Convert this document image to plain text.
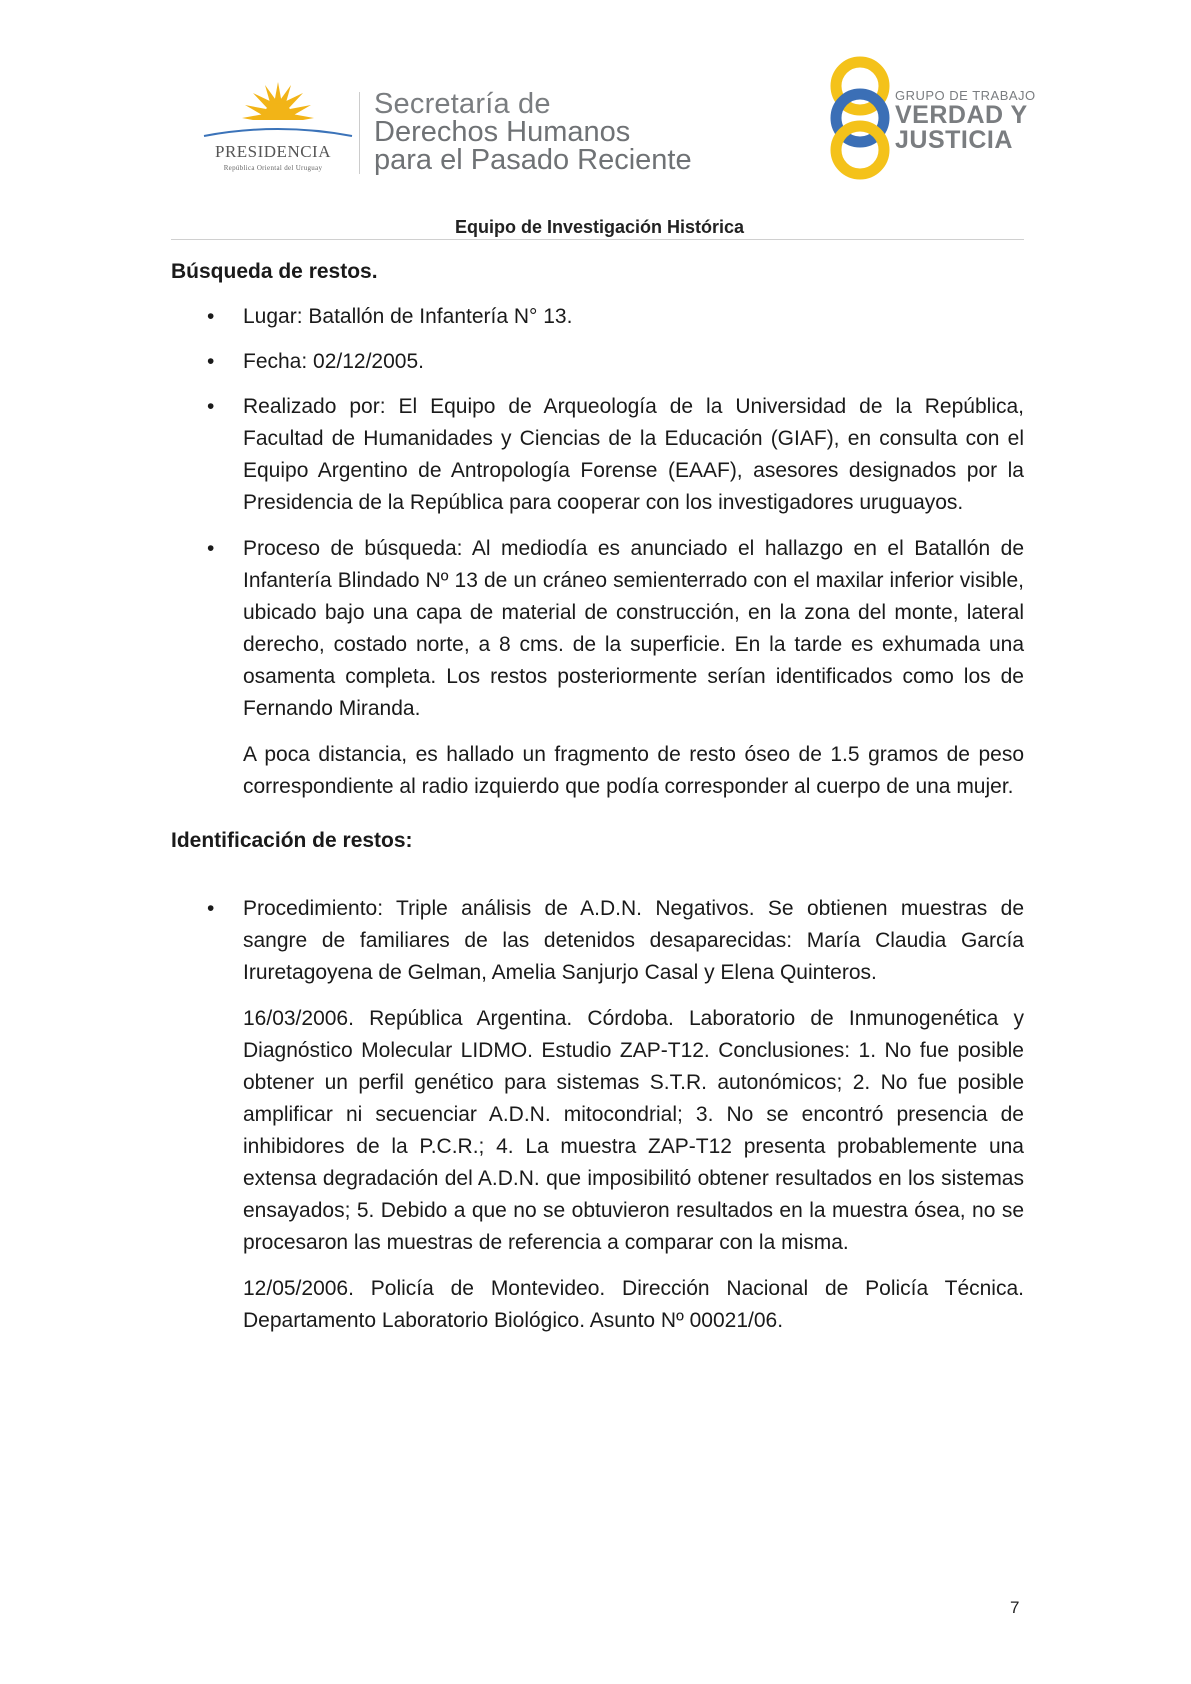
PRESIDENCIA
República Oriental del Uruguay
Secretaría de
Derechos Humanos
para el Pasado Reciente
GRUPO DE TRABAJO
VERDAD Y
JUSTICIA
Equipo de Investigación Histórica
Búsqueda de restos.
• Lugar: Batallón de Infantería N° 13.
• Fecha: 02/12/2005.
• Realizado por: El Equipo de Arqueología de la Universidad de la República, Facultad de Humanidades y Ciencias de la Educación (GIAF), en consulta con el Equipo Argentino de Antropología Forense (EAAF), asesores designados por la Presidencia de la República para cooperar con los investigadores uruguayos.
• Proceso de búsqueda: Al mediodía es anunciado el hallazgo en el Batallón de Infantería Blindado Nº 13 de un cráneo semienterrado con el maxilar inferior visible, ubicado bajo una capa de material de construcción, en la zona del monte, lateral derecho, costado norte, a 8 cms. de la superficie. En la tarde es exhumada una osamenta completa. Los restos posteriormente serían identificados como los de Fernando Miranda.

A poca distancia, es hallado un fragmento de resto óseo de 1.5 gramos de peso correspondiente al radio izquierdo que podía corresponder al cuerpo de una mujer.

Identificación de restos:
• Procedimiento: Triple análisis de A.D.N. Negativos. Se obtienen muestras de sangre de familiares de las detenidos desaparecidas: María Claudia García Iruretagoyena de Gelman, Amelia Sanjurjo Casal y Elena Quinteros.

16/03/2006. República Argentina. Córdoba. Laboratorio de Inmunogenética y Diagnóstico Molecular LIDMO. Estudio ZAP-T12. Conclusiones: 1. No fue posible obtener un perfil genético para sistemas S.T.R. autonómicos; 2. No fue posible amplificar ni secuenciar A.D.N. mitocondrial; 3. No se encontró presencia de inhibidores de la P.C.R.; 4. La muestra ZAP-T12 presenta probablemente una extensa degradación del A.D.N. que imposibilitó obtener resultados en los sistemas ensayados; 5. Debido a que no se obtuvieron resultados en la muestra ósea, no se procesaron las muestras de referencia a comparar con la misma.

12/05/2006. Policía de Montevideo. Dirección Nacional de Policía Técnica. Departamento Laboratorio Biológico. Asunto Nº 00021/06.

7
